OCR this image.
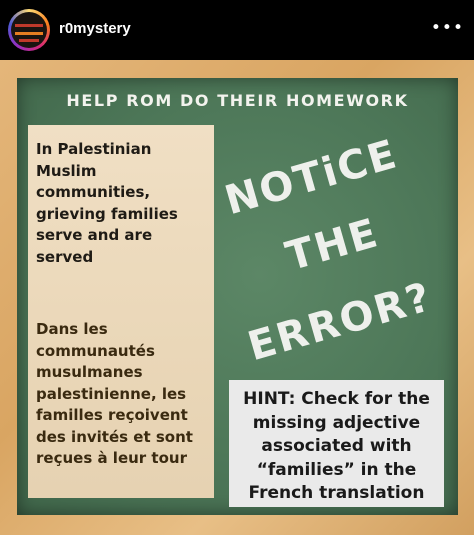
r0mystery	•••
HELP ROM DO THEIR HOMEWORK
In Palestinian Muslim communities, grieving families serve and are served
Dans les communautés musulmanes palestinienne, les familles reçoivent des invités et sont reçues à leur tour
NOTiCE
THE
ERROR?
HINT: Check for the missing adjective associated with “families” in the French translation
